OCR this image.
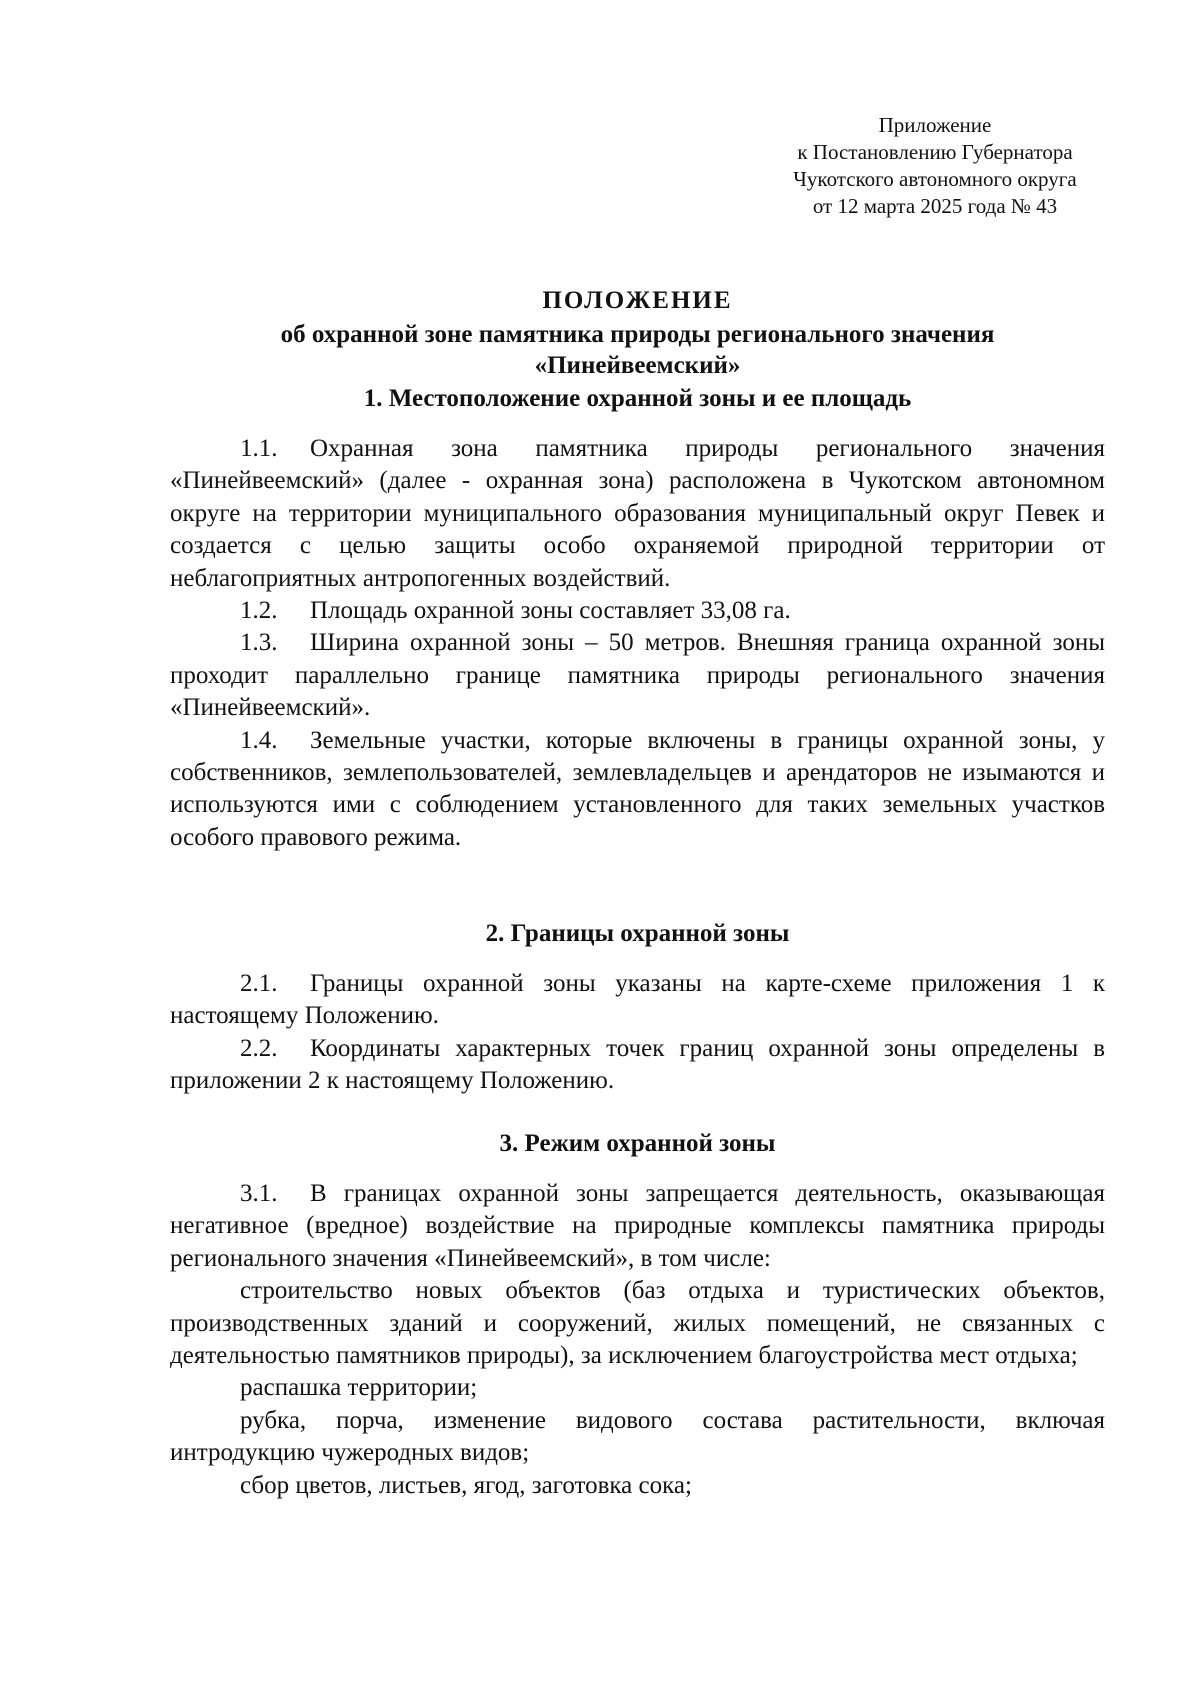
Приложение
к Постановлению Губернатора
Чукотского автономного округа
от 12 марта 2025 года № 43
ПОЛОЖЕНИЕ
об охранной зоне памятника природы регионального значения
«Пинейвеемский»
1. Местоположение охранной зоны и ее площадь

1.1. Охранная зона памятника природы регионального значения «Пинейвеемский» (далее - охранная зона) расположена в Чукотском автономном округе на территории муниципального образования муниципальный округ Певек и создается с целью защиты особо охраняемой природной территории от неблагоприятных антропогенных воздействий.

1.2. Площадь охранной зоны составляет 33,08 га.

1.3. Ширина охранной зоны – 50 метров. Внешняя граница охранной зоны проходит параллельно границе памятника природы регионального значения «Пинейвеемский».

1.4. Земельные участки, которые включены в границы охранной зоны, у собственников, землепользователей, землевладельцев и арендаторов не изымаются и используются ими с соблюдением установленного для таких земельных участков особого правового режима.

2. Границы охранной зоны

2.1. Границы охранной зоны указаны на карте-схеме приложения 1 к настоящему Положению.

2.2. Координаты характерных точек границ охранной зоны определены в приложении 2 к настоящему Положению.

3. Режим охранной зоны

3.1. В границах охранной зоны запрещается деятельность, оказывающая негативное (вредное) воздействие на природные комплексы памятника природы регионального значения «Пинейвеемский», в том числе:

строительство новых объектов (баз отдыха и туристических объектов, производственных зданий и сооружений, жилых помещений, не связанных с деятельностью памятников природы), за исключением благоустройства мест отдыха;

распашка территории;

рубка, порча, изменение видового состава растительности, включая интродукцию чужеродных видов;

сбор цветов, листьев, ягод, заготовка сока;
